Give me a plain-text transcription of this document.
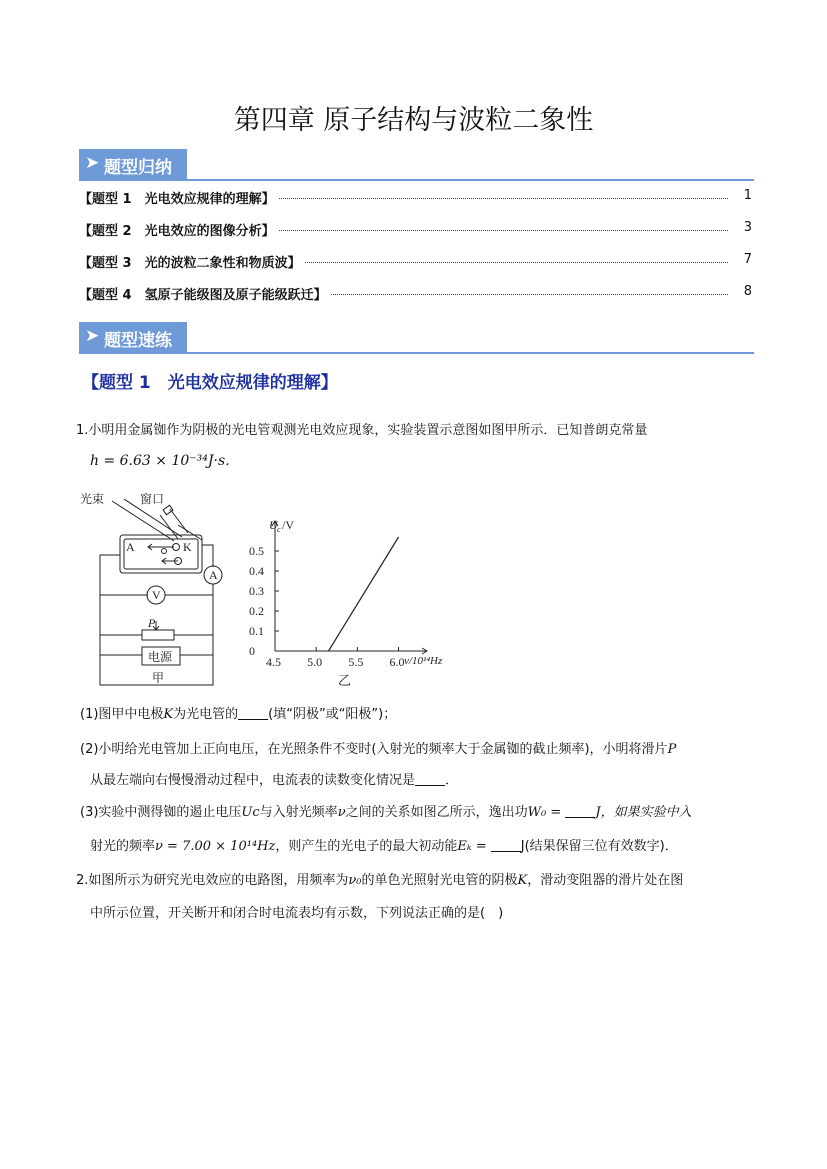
第四章 原子结构与波粒二象性
➤ 题型归纳
【题型 1　光电效应规律的理解】	1
【题型 2　光电效应的图像分析】	3
【题型 3　光的波粒二象性和物质波】	7
【题型 4　氢原子能级图及原子能级跃迁】	8
➤ 题型速练
【题型 1　光电效应规律的理解】
1.小明用金属铷作为阴极的光电管观测光电效应现象，实验装置示意图如图甲所示．已知普朗克常量
h = 6.63 × 10⁻³⁴J·s．
光束	窗口
A	K
A
V
P
电源
甲
U c /V
ν/10¹⁴Hz
乙
0
0.1
0.2
0.3
0.4
0.5
4.5 5.0 5.5 6.0
(1)图甲中电极K为光电管的 (填“阴极”或“阳极”)；
(2)小明给光电管加上正向电压，在光照条件不变时(入射光的频率大于金属铷的截止频率)，小明将滑片P
从最左端向右慢慢滑动过程中，电流表的读数变化情况是 ．
(3)实验中测得铷的遏止电压Uc与入射光频率ν之间的关系如图乙所示，逸出功W₀ =	J，如果实验中入
射光的频率ν = 7.00 × 10¹⁴Hz，则产生的光电子的最大初动能Eₖ =	J(结果保留三位有效数字)．
2.如图所示为研究光电效应的电路图，用频率为ν₀的单色光照射光电管的阴极K，滑动变阻器的滑片处在图
中所示位置，开关断开和闭合时电流表均有示数，下列说法正确的是(　)
